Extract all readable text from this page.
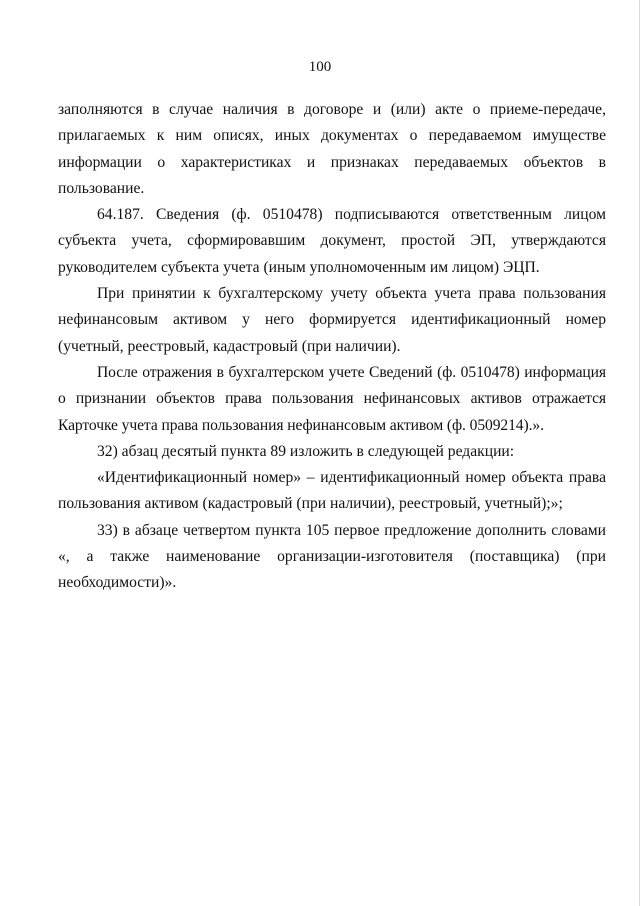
100

заполняются в случае наличия в договоре и (или) акте о приеме-передаче, прилагаемых к ним описях, иных документах о передаваемом имуществе информации о характеристиках и признаках передаваемых объектов в пользование.

64.187. Сведения (ф. 0510478) подписываются ответственным лицом субъекта учета, сформировавшим документ, простой ЭП, утверждаются руководителем субъекта учета (иным уполномоченным им лицом) ЭЦП.

При принятии к бухгалтерскому учету объекта учета права пользования нефинансовым активом у него формируется идентификационный номер (учетный, реестровый, кадастровый (при наличии).

После отражения в бухгалтерском учете Сведений (ф. 0510478) информация о признании объектов права пользования нефинансовых активов отражается Карточке учета права пользования нефинансовым активом (ф. 0509214).».

32) абзац десятый пункта 89 изложить в следующей редакции:

«Идентификационный номер» – идентификационный номер объекта права пользования активом (кадастровый (при наличии), реестровый, учетный);»;

33) в абзаце четвертом пункта 105 первое предложение дополнить словами «, а также наименование организации-изготовителя (поставщика) (при необходимости)».
